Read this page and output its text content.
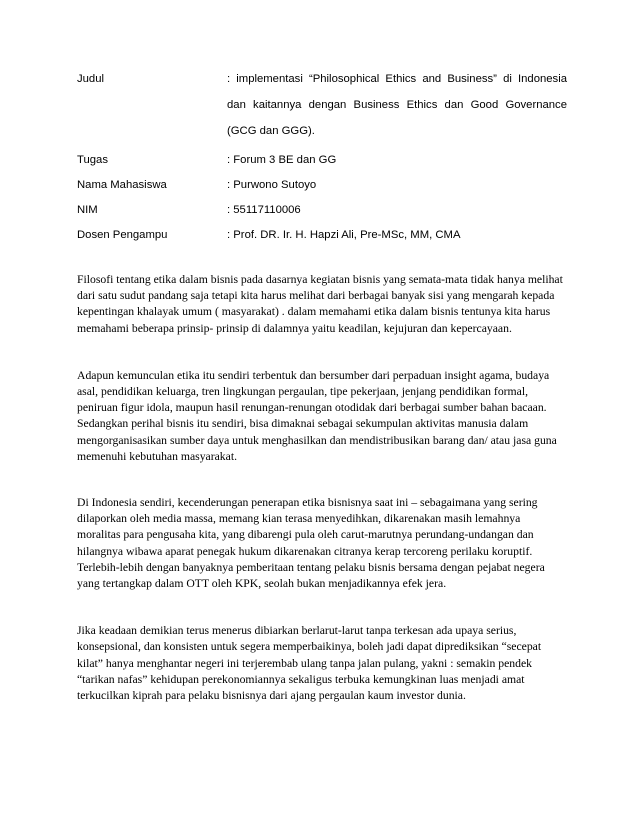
Judul	: implementasi “Philosophical Ethics and Business” di Indonesia dan kaitannya dengan Business Ethics dan Good Governance (GCG dan GGG).
Tugas	: Forum 3 BE dan GG
Nama Mahasiswa	: Purwono Sutoyo
NIM	: 55117110006
Dosen Pengampu	: Prof. DR. Ir. H. Hapzi Ali, Pre-MSc, MM, CMA

Filosofi tentang etika dalam bisnis pada dasarnya kegiatan bisnis yang semata-mata tidak hanya melihat dari satu sudut pandang saja tetapi kita harus melihat dari berbagai banyak sisi yang mengarah kepada kepentingan khalayak umum ( masyarakat) . dalam memahami etika dalam bisnis tentunya kita harus memahami beberapa prinsip- prinsip di dalamnya yaitu keadilan, kejujuran dan kepercayaan.

Adapun kemunculan etika itu sendiri terbentuk dan bersumber dari perpaduan insight agama, budaya asal, pendidikan keluarga, tren lingkungan pergaulan, tipe pekerjaan, jenjang pendidikan formal, peniruan figur idola, maupun hasil renungan-renungan otodidak dari berbagai sumber bahan bacaan. Sedangkan perihal bisnis itu sendiri, bisa dimaknai sebagai sekumpulan aktivitas manusia dalam mengorganisasikan sumber daya untuk menghasilkan dan mendistribusikan barang dan/ atau jasa guna memenuhi kebutuhan masyarakat.

Di Indonesia sendiri, kecenderungan penerapan etika bisnisnya saat ini – sebagaimana yang sering dilaporkan oleh media massa, memang kian terasa menyedihkan, dikarenakan masih lemahnya moralitas para pengusaha kita, yang dibarengi pula oleh carut-marutnya perundang-undangan dan hilangnya wibawa aparat penegak hukum dikarenakan citranya kerap tercoreng perilaku koruptif. Terlebih-lebih dengan banyaknya pemberitaan tentang pelaku bisnis bersama dengan pejabat negera yang tertangkap dalam OTT oleh KPK, seolah bukan menjadikannya efek jera.

Jika keadaan demikian terus menerus dibiarkan berlarut-larut tanpa terkesan ada upaya serius, konsepsional, dan konsisten untuk segera memperbaikinya, boleh jadi dapat diprediksikan “secepat kilat” hanya menghantar negeri ini terjerembab ulang tanpa jalan pulang, yakni : semakin pendek “tarikan nafas” kehidupan perekonomiannya sekaligus terbuka kemungkinan luas menjadi amat terkucilkan kiprah para pelaku bisnisnya dari ajang pergaulan kaum investor dunia.
